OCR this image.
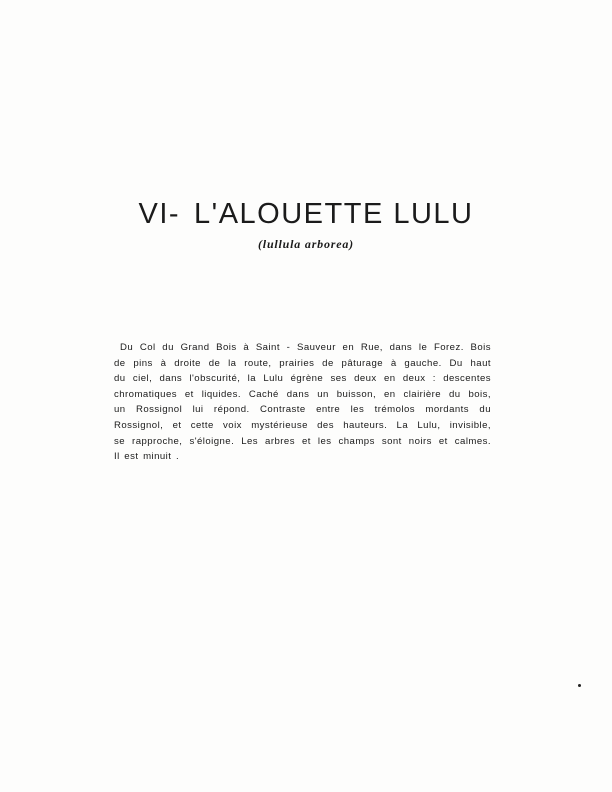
VI- L'ALOUETTE LULU
(lullula arborea)
Du Col du Grand Bois à Saint - Sauveur en Rue, dans le Forez. Bois
de pins à droite de la route, prairies de pâturage à gauche. Du haut
du ciel, dans l'obscurité, la Lulu égrène ses deux en deux : descentes
chromatiques et liquides. Caché dans un buisson, en clairière du bois,
un Rossignol lui répond. Contraste entre les trémolos mordants du
Rossignol, et cette voix mystérieuse des hauteurs. La Lulu, invisible,
se rapproche, s'éloigne. Les arbres et les champs sont noirs et calmes.
Il est minuit .
